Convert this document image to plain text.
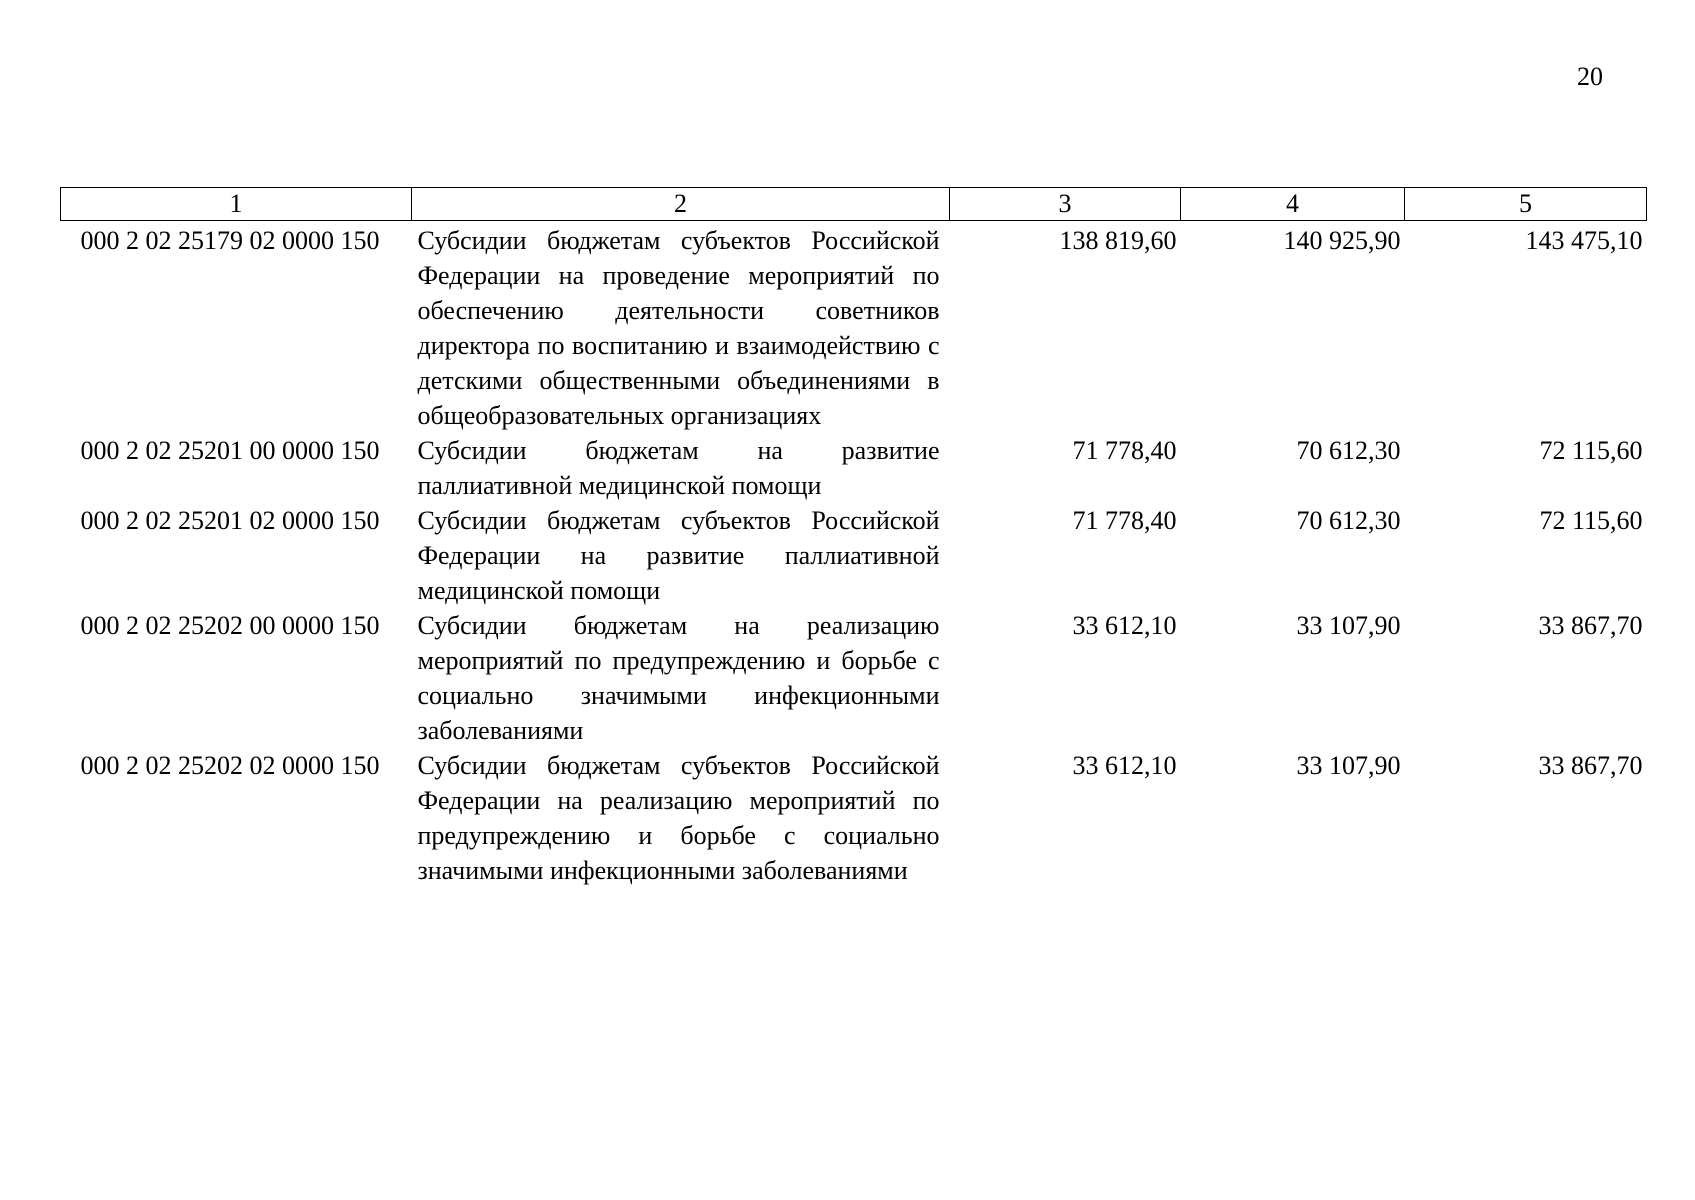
20
1	2	3	4	5
000 2 02 25179 02 0000 150	Субсидии бюджетам субъектов Российской Федерации на проведение мероприятий по обеспечению деятельности советников директора по воспитанию и взаимодействию с детскими общественными объединениями в общеобразовательных организациях	138 819,60	140 925,90	143 475,10
000 2 02 25201 00 0000 150	Субсидии бюджетам на развитие паллиативной медицинской помощи	71 778,40	70 612,30	72 115,60
000 2 02 25201 02 0000 150	Субсидии бюджетам субъектов Российской Федерации на развитие паллиативной медицинской помощи	71 778,40	70 612,30	72 115,60
000 2 02 25202 00 0000 150	Субсидии бюджетам на реализацию мероприятий по предупреждению и борьбе с социально значимыми инфекционными заболеваниями	33 612,10	33 107,90	33 867,70
000 2 02 25202 02 0000 150	Субсидии бюджетам субъектов Российской Федерации на реализацию мероприятий по предупреждению и борьбе с социально значимыми инфекционными заболеваниями	33 612,10	33 107,90	33 867,70
